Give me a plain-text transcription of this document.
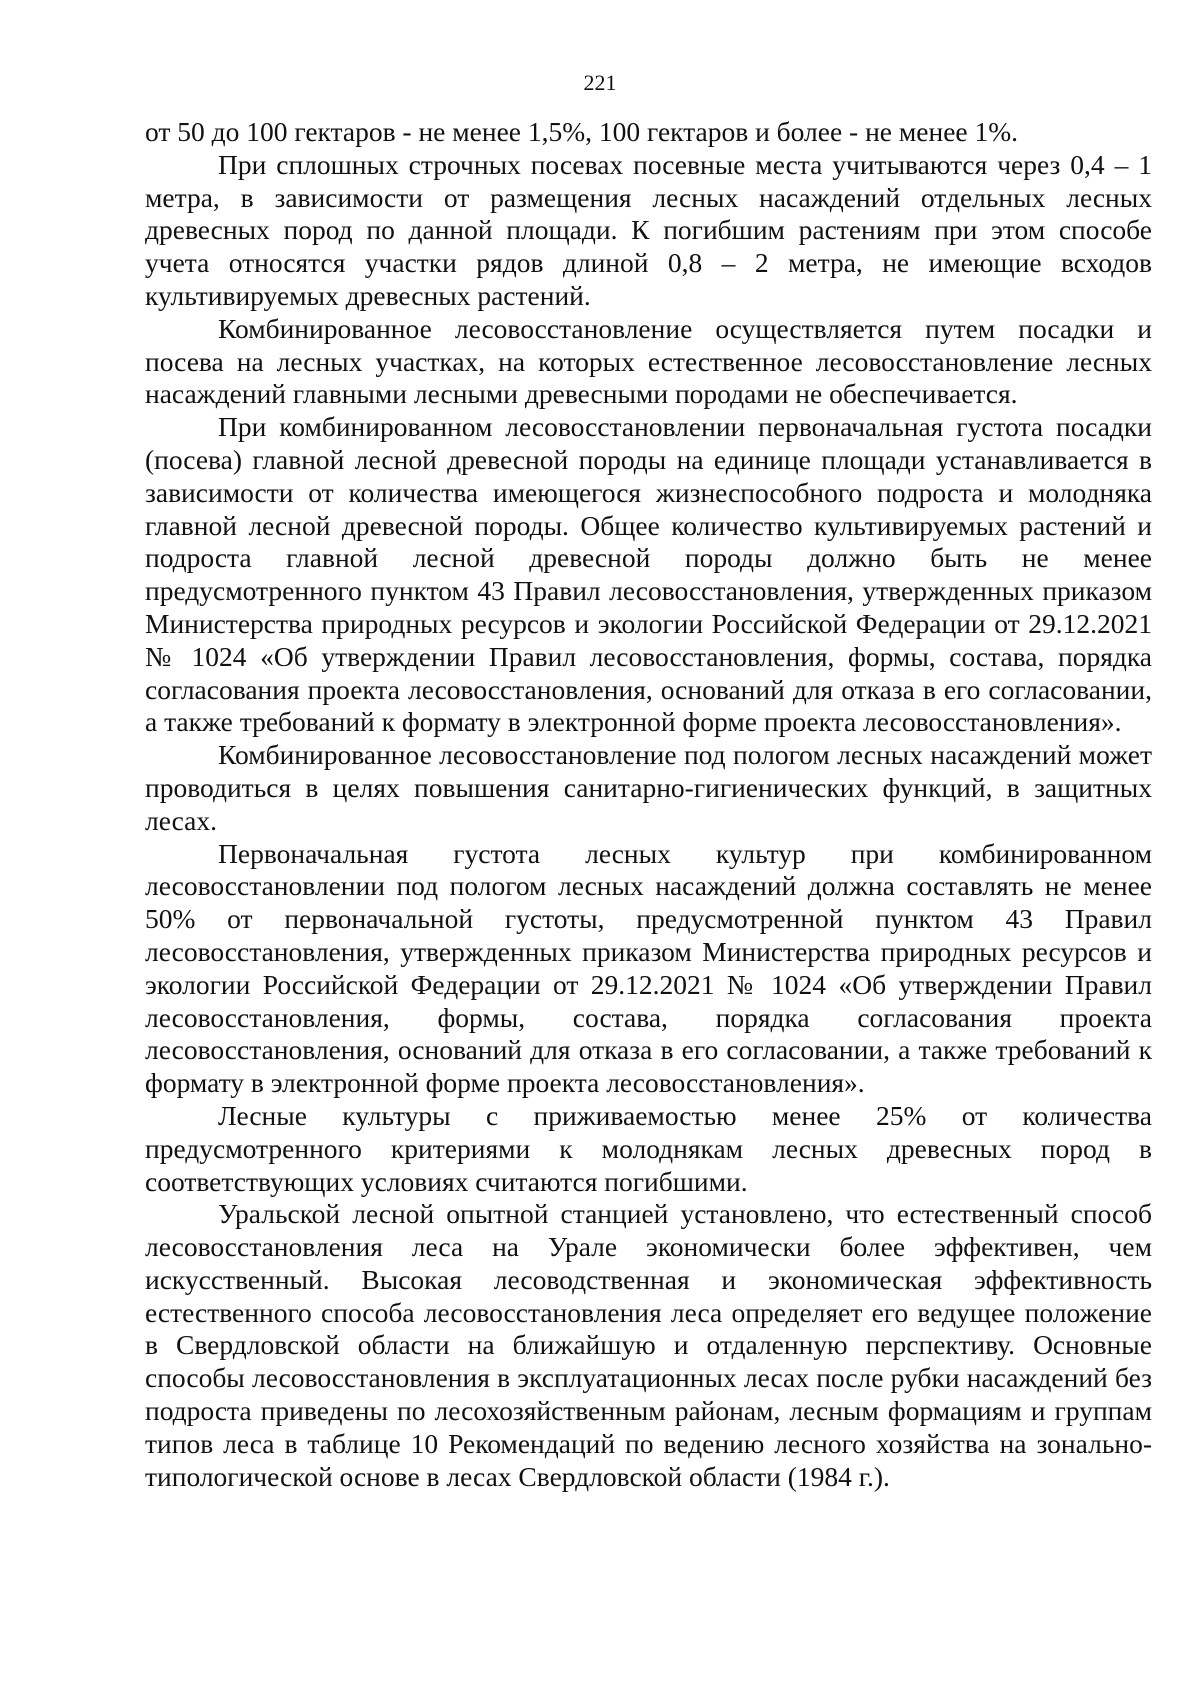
221

от 50 до 100 гектаров - не менее 1,5%, 100 гектаров и более - не менее 1%.

При сплошных строчных посевах посевные места учитываются через 0,4 – 1 метра, в зависимости от размещения лесных насаждений отдельных лесных древесных пород по данной площади. К погибшим растениям при этом способе учета относятся участки рядов длиной 0,8 – 2 метра, не имеющие всходов культивируемых древесных растений.

Комбинированное лесовосстановление осуществляется путем посадки и посева на лесных участках, на которых естественное лесовосстановление лесных насаждений главными лесными древесными породами не обеспечивается.

При комбинированном лесовосстановлении первоначальная густота посадки (посева) главной лесной древесной породы на единице площади устанавливается в зависимости от количества имеющегося жизнеспособного подроста и молодняка главной лесной древесной породы. Общее количество культивируемых растений и подроста главной лесной древесной породы должно быть не менее предусмотренного пунктом 43 Правил лесовосстановления, утвержденных приказом Министерства природных ресурсов и экологии Российской Федерации от 29.12.2021 № 1024 «Об утверждении Правил лесовосстановления, формы, состава, порядка согласования проекта лесовосстановления, оснований для отказа в его согласовании, а также требований к формату в электронной форме проекта лесовосстановления».

Комбинированное лесовосстановление под пологом лесных насаждений может проводиться в целях повышения санитарно-гигиенических функций, в защитных лесах.

Первоначальная густота лесных культур при комбинированном лесовосстановлении под пологом лесных насаждений должна составлять не менее 50% от первоначальной густоты, предусмотренной пунктом 43 Правил лесовосстановления, утвержденных приказом Министерства природных ресурсов и экологии Российской Федерации от 29.12.2021 № 1024 «Об утверждении Правил лесовосстановления, формы, состава, порядка согласования проекта лесовосстановления, оснований для отказа в его согласовании, а также требований к формату в электронной форме проекта лесовосстановления».

Лесные культуры с приживаемостью менее 25% от количества предусмотренного критериями к молоднякам лесных древесных пород в соответствующих условиях считаются погибшими.

Уральской лесной опытной станцией установлено, что естественный способ лесовосстановления леса на Урале экономически более эффективен, чем искусственный. Высокая лесоводственная и экономическая эффективность естественного способа лесовосстановления леса определяет его ведущее положение в Свердловской области на ближайшую и отдаленную перспективу. Основные способы лесовосстановления в эксплуатационных лесах после рубки насаждений без подроста приведены по лесохозяйственным районам, лесным формациям и группам типов леса в таблице 10 Рекомендаций по ведению лесного хозяйства на зонально-типологической основе в лесах Свердловской области (1984 г.).
